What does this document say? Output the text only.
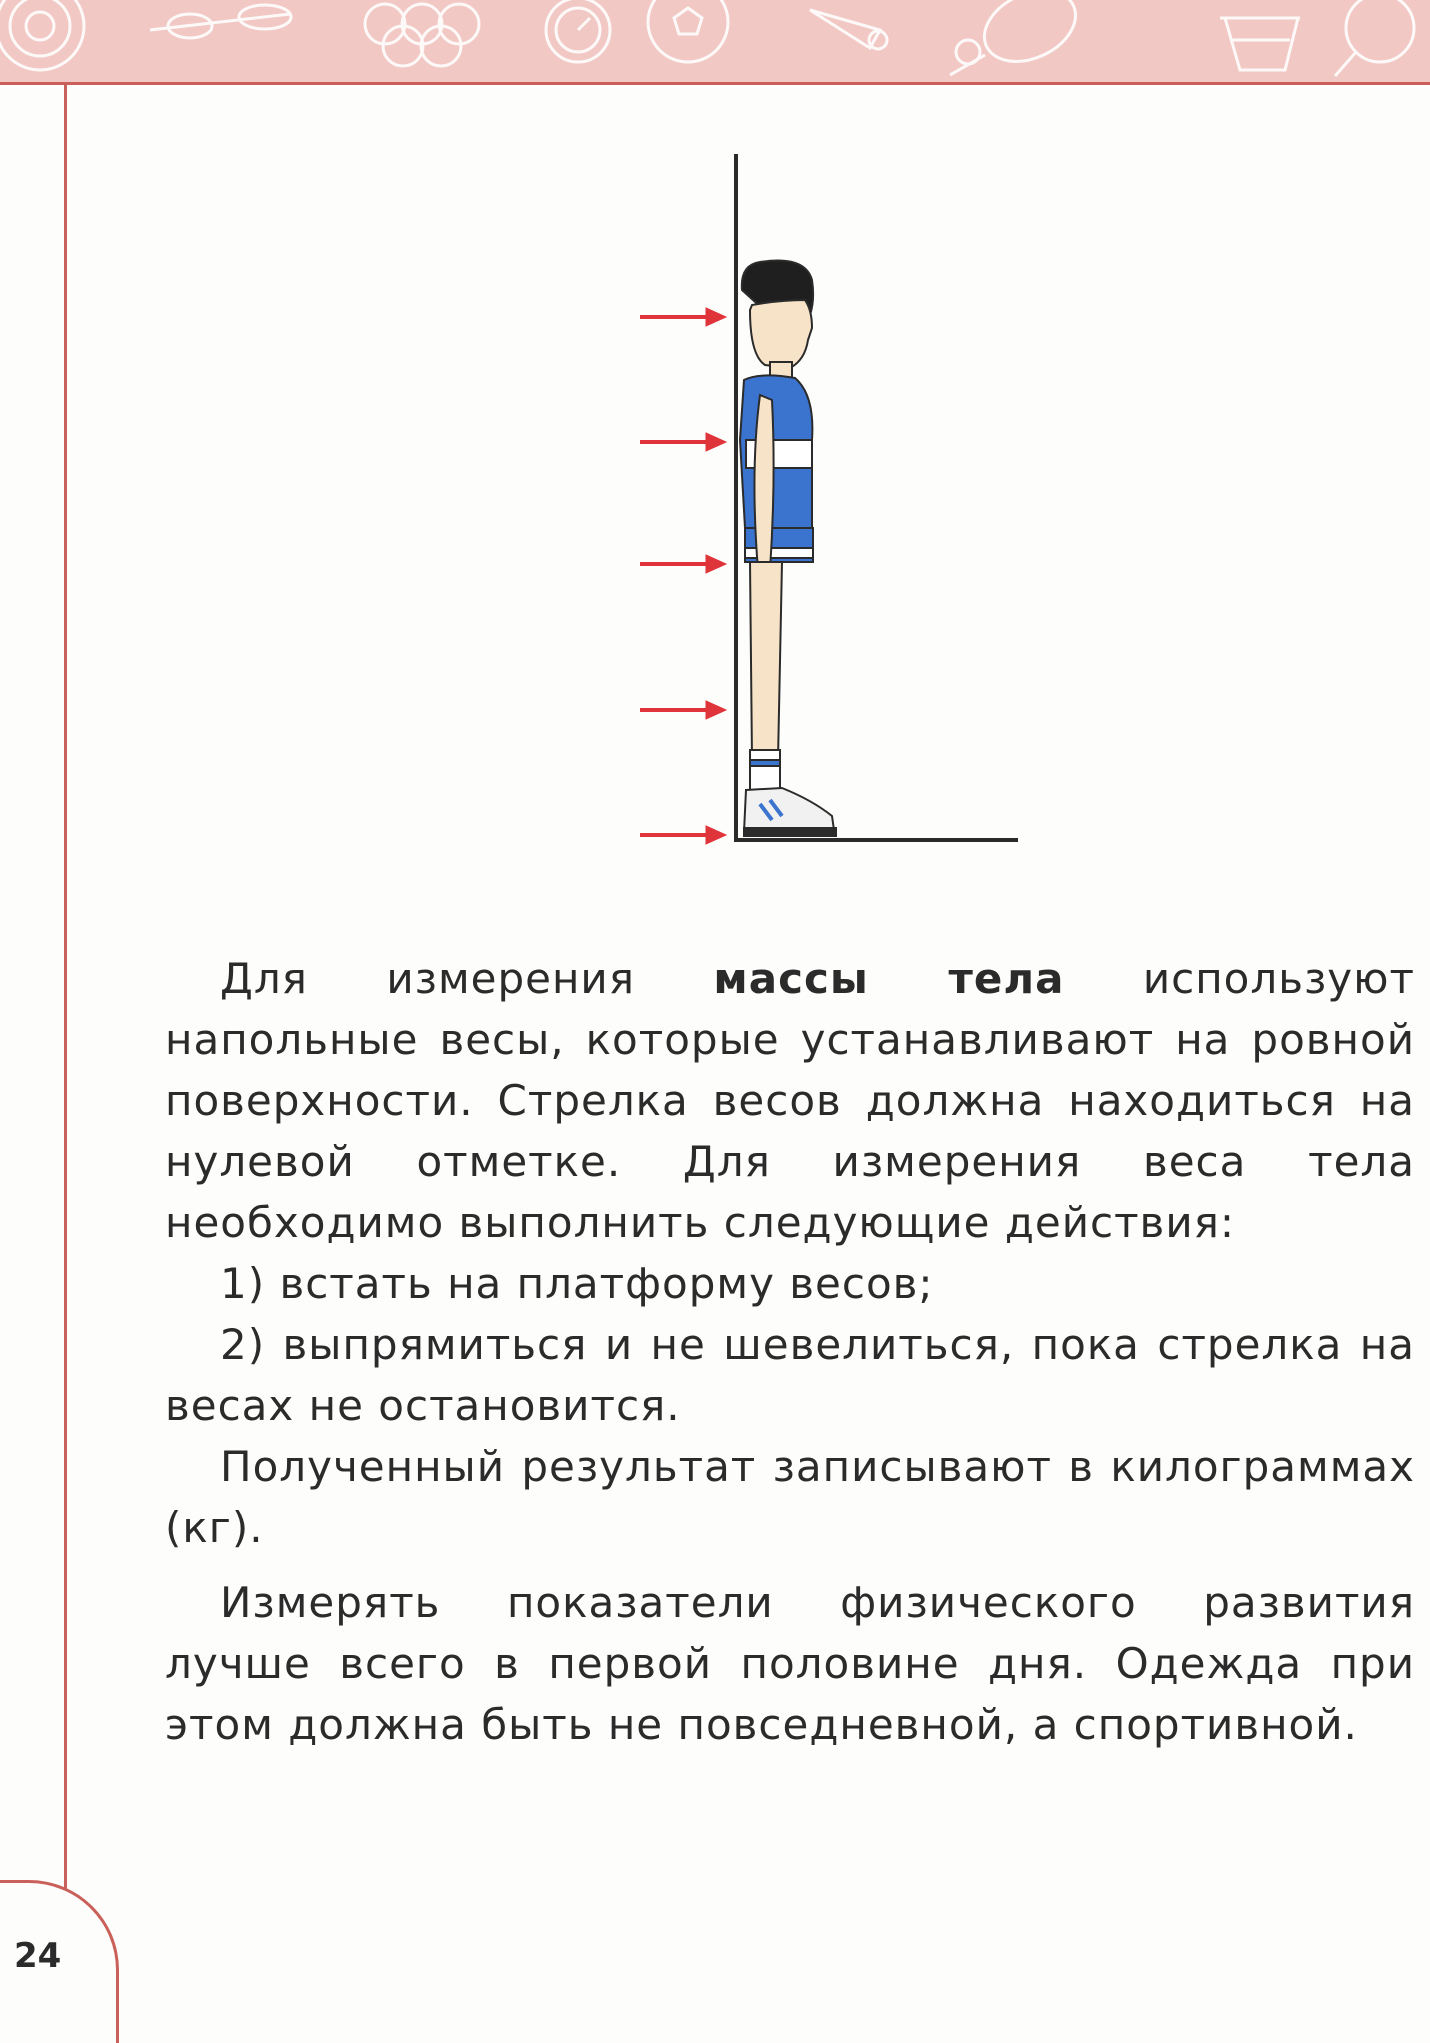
24

Для измерения массы тела используют напольные весы, которые устанавливают на ровной поверхности. Стрелка весов должна находиться на нулевой отметке. Для измерения веса тела необходимо выполнить следующие действия:

1) встать на платформу весов;

2) выпрямиться и не шевелиться, пока стрелка на весах не остановится.

Полученный результат записывают в килограммах (кг).

Измерять показатели физического развития лучше всего в первой половине дня. Одежда при этом должна быть не повседневной, а спортивной.
